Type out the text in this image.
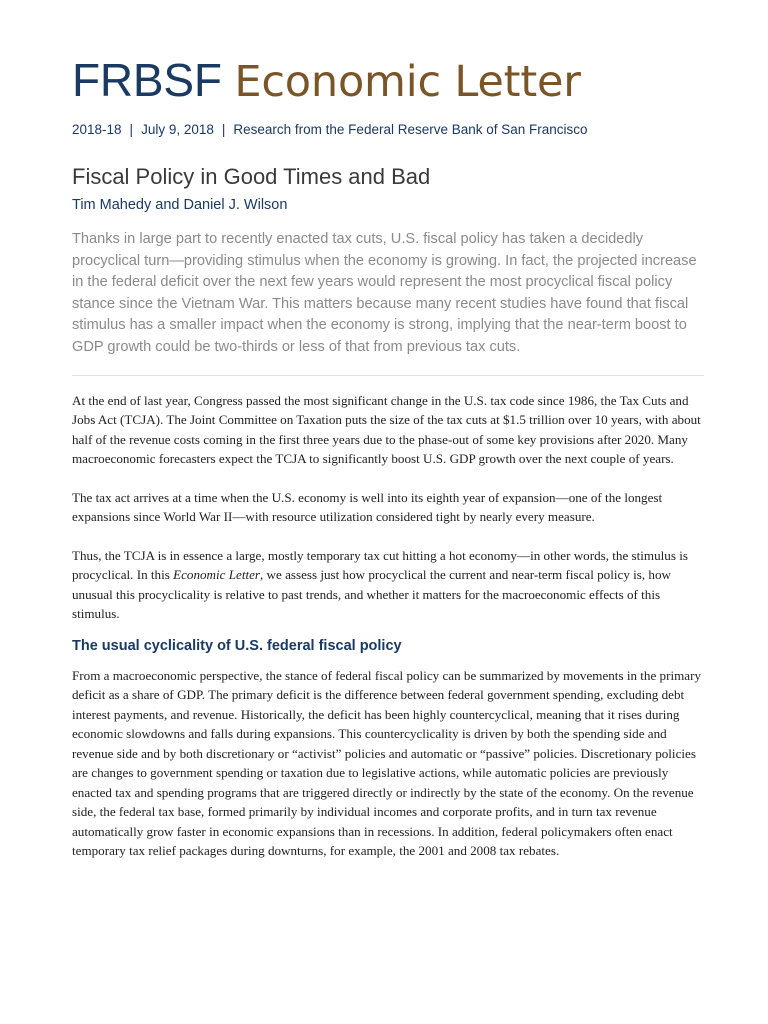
FRBSF Economic Letter
2018-18 | July 9, 2018 | Research from the Federal Reserve Bank of San Francisco
Fiscal Policy in Good Times and Bad
Tim Mahedy and Daniel J. Wilson
Thanks in large part to recently enacted tax cuts, U.S. fiscal policy has taken a decidedly procyclical turn—providing stimulus when the economy is growing. In fact, the projected increase in the federal deficit over the next few years would represent the most procyclical fiscal policy stance since the Vietnam War. This matters because many recent studies have found that fiscal stimulus has a smaller impact when the economy is strong, implying that the near-term boost to GDP growth could be two-thirds or less of that from previous tax cuts.

At the end of last year, Congress passed the most significant change in the U.S. tax code since 1986, the Tax Cuts and Jobs Act (TCJA). The Joint Committee on Taxation puts the size of the tax cuts at $1.5 trillion over 10 years, with about half of the revenue costs coming in the first three years due to the phase-out of some key provisions after 2020. Many macroeconomic forecasters expect the TCJA to significantly boost U.S. GDP growth over the next couple of years.

The tax act arrives at a time when the U.S. economy is well into its eighth year of expansion—one of the longest expansions since World War II—with resource utilization considered tight by nearly every measure.

Thus, the TCJA is in essence a large, mostly temporary tax cut hitting a hot economy—in other words, the stimulus is procyclical. In this Economic Letter, we assess just how procyclical the current and near-term fiscal policy is, how unusual this procyclicality is relative to past trends, and whether it matters for the macroeconomic effects of this stimulus.

The usual cyclicality of U.S. federal fiscal policy

From a macroeconomic perspective, the stance of federal fiscal policy can be summarized by movements in the primary deficit as a share of GDP. The primary deficit is the difference between federal government spending, excluding debt interest payments, and revenue. Historically, the deficit has been highly countercyclical, meaning that it rises during economic slowdowns and falls during expansions. This countercyclicality is driven by both the spending side and revenue side and by both discretionary or “activist” policies and automatic or “passive” policies. Discretionary policies are changes to government spending or taxation due to legislative actions, while automatic policies are previously enacted tax and spending programs that are triggered directly or indirectly by the state of the economy. On the revenue side, the federal tax base, formed primarily by individual incomes and corporate profits, and in turn tax revenue automatically grow faster in economic expansions than in recessions. In addition, federal policymakers often enact temporary tax relief packages during downturns, for example, the 2001 and 2008 tax rebates.
